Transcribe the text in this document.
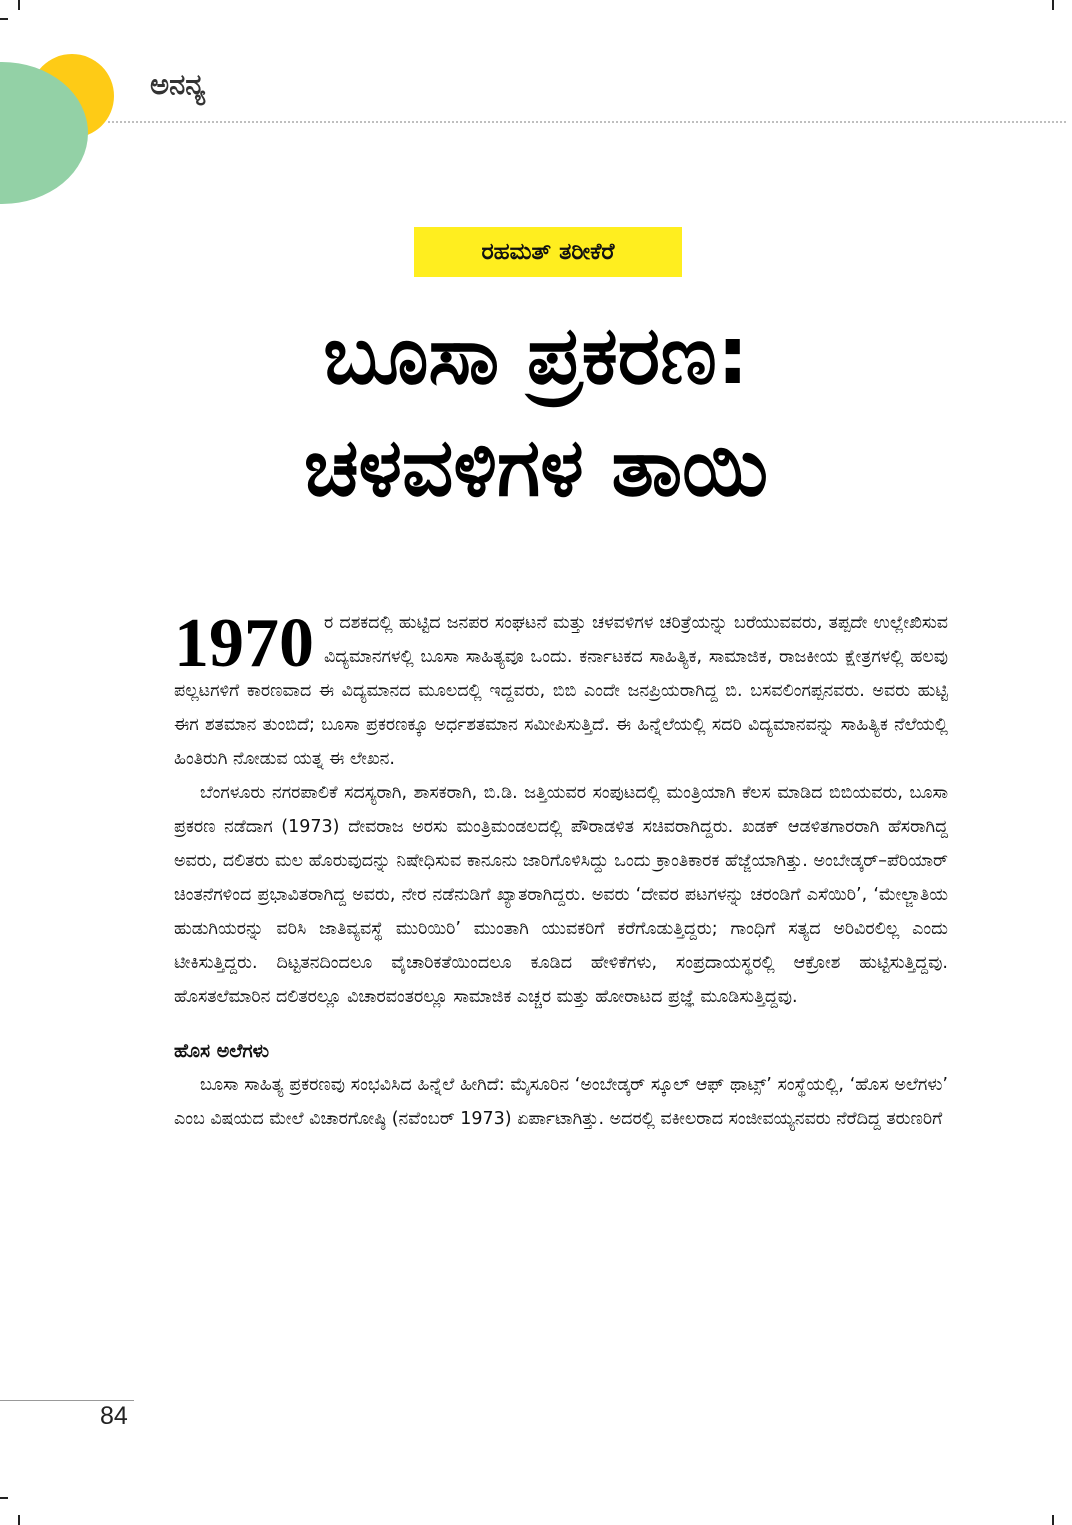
ಅನನ್ಯ
ರಹಮತ್ ತರೀಕೆರೆ
ಬೂಸಾ ಪ್ರಕರಣ:
ಚಳವಳಿಗಳ ತಾಯಿ

1970 ರ ದಶಕದಲ್ಲಿ ಹುಟ್ಟಿದ ಜನಪರ ಸಂಘಟನೆ ಮತ್ತು ಚಳವಳಿಗಳ ಚರಿತ್ರೆಯನ್ನು ಬರೆಯುವವರು, ತಪ್ಪದೇ ಉಲ್ಲೇಖಿಸುವ ವಿದ್ಯಮಾನಗಳಲ್ಲಿ ಬೂಸಾ ಸಾಹಿತ್ಯವೂ ಒಂದು. ಕರ್ನಾಟಕದ ಸಾಹಿತ್ಯಿಕ, ಸಾಮಾಜಿಕ, ರಾಜಕೀಯ ಕ್ಷೇತ್ರಗಳಲ್ಲಿ ಹಲವು ಪಲ್ಲಟಗಳಿಗೆ ಕಾರಣವಾದ ಈ ವಿದ್ಯಮಾನದ ಮೂಲದಲ್ಲಿ ಇದ್ದವರು, ಬಿಬಿ ಎಂದೇ ಜನಪ್ರಿಯರಾಗಿದ್ದ ಬಿ. ಬಸವಲಿಂಗಪ್ಪನವರು. ಅವರು ಹುಟ್ಟಿ ಈಗ ಶತಮಾನ ತುಂಬಿದೆ; ಬೂಸಾ ಪ್ರಕರಣಕ್ಕೂ ಅರ್ಧಶತಮಾನ ಸಮೀಪಿಸುತ್ತಿದೆ. ಈ ಹಿನ್ನೆಲೆಯಲ್ಲಿ ಸದರಿ ವಿದ್ಯಮಾನವನ್ನು ಸಾಹಿತ್ಯಿಕ ನೆಲೆಯಲ್ಲಿ ಹಿಂತಿರುಗಿ ನೋಡುವ ಯತ್ನ ಈ ಲೇಖನ.

ಬೆಂಗಳೂರು ನಗರಪಾಲಿಕೆ ಸದಸ್ಯರಾಗಿ, ಶಾಸಕರಾಗಿ, ಬಿ.ಡಿ. ಜತ್ತಿಯವರ ಸಂಪುಟದಲ್ಲಿ ಮಂತ್ರಿಯಾಗಿ ಕೆಲಸ ಮಾಡಿದ ಬಿಬಿಯವರು, ಬೂಸಾ ಪ್ರಕರಣ ನಡೆದಾಗ (1973) ದೇವರಾಜ ಅರಸು ಮಂತ್ರಿಮಂಡಲದಲ್ಲಿ ಪೌರಾಡಳಿತ ಸಚಿವರಾಗಿದ್ದರು. ಖಡಕ್ ಆಡಳಿತಗಾರರಾಗಿ ಹೆಸರಾಗಿದ್ದ ಅವರು, ದಲಿತರು ಮಲ ಹೊರುವುದನ್ನು ನಿಷೇಧಿಸುವ ಕಾನೂನು ಜಾರಿಗೊಳಿಸಿದ್ದು ಒಂದು ಕ್ರಾಂತಿಕಾರಕ ಹೆಜ್ಜೆಯಾಗಿತ್ತು. ಅಂಬೇಡ್ಕರ್–ಪೆರಿಯಾರ್ ಚಿಂತನೆಗಳಿಂದ ಪ್ರಭಾವಿತರಾಗಿದ್ದ ಅವರು, ನೇರ ನಡೆನುಡಿಗೆ ಖ್ಯಾತರಾಗಿದ್ದರು. ಅವರು ‘ದೇವರ ಪಟಗಳನ್ನು ಚರಂಡಿಗೆ ಎಸೆಯಿರಿ’, ‘ಮೇಲ್ಜಾತಿಯ ಹುಡುಗಿಯರನ್ನು ವರಿಸಿ ಜಾತಿವ್ಯವಸ್ಥೆ ಮುರಿಯಿರಿ’ ಮುಂತಾಗಿ ಯುವಕರಿಗೆ ಕರೆಗೊಡುತ್ತಿದ್ದರು; ಗಾಂಧಿಗೆ ಸತ್ಯದ ಅರಿವಿರಲಿಲ್ಲ ಎಂದು ಟೀಕಿಸುತ್ತಿದ್ದರು. ದಿಟ್ಟತನದಿಂದಲೂ ವೈಚಾರಿಕತೆಯಿಂದಲೂ ಕೂಡಿದ ಹೇಳಿಕೆಗಳು, ಸಂಪ್ರದಾಯಸ್ಥರಲ್ಲಿ ಆಕ್ರೋಶ ಹುಟ್ಟಿಸುತ್ತಿದ್ದವು. ಹೊಸತಲೆಮಾರಿನ ದಲಿತರಲ್ಲೂ ವಿಚಾರವಂತರಲ್ಲೂ ಸಾಮಾಜಿಕ ಎಚ್ಚರ ಮತ್ತು ಹೋರಾಟದ ಪ್ರಜ್ಞೆ ಮೂಡಿಸುತ್ತಿದ್ದವು.

ಹೊಸ ಅಲೆಗಳು

ಬೂಸಾ ಸಾಹಿತ್ಯ ಪ್ರಕರಣವು ಸಂಭವಿಸಿದ ಹಿನ್ನೆಲೆ ಹೀಗಿದೆ: ಮೈಸೂರಿನ ‘ಅಂಬೇಡ್ಕರ್ ಸ್ಕೂಲ್ ಆಫ್ ಥಾಟ್ಸ್’ ಸಂಸ್ಥೆಯಲ್ಲಿ, ‘ಹೊಸ ಅಲೆಗಳು’ ಎಂಬ ವಿಷಯದ ಮೇಲೆ ವಿಚಾರಗೋಷ್ಠಿ (ನವೆಂಬರ್ 1973) ಏರ್ಪಾಟಾಗಿತ್ತು. ಅದರಲ್ಲಿ ವಕೀಲರಾದ ಸಂಜೀವಯ್ಯನವರು ನೆರೆದಿದ್ದ ತರುಣರಿಗೆ

84
